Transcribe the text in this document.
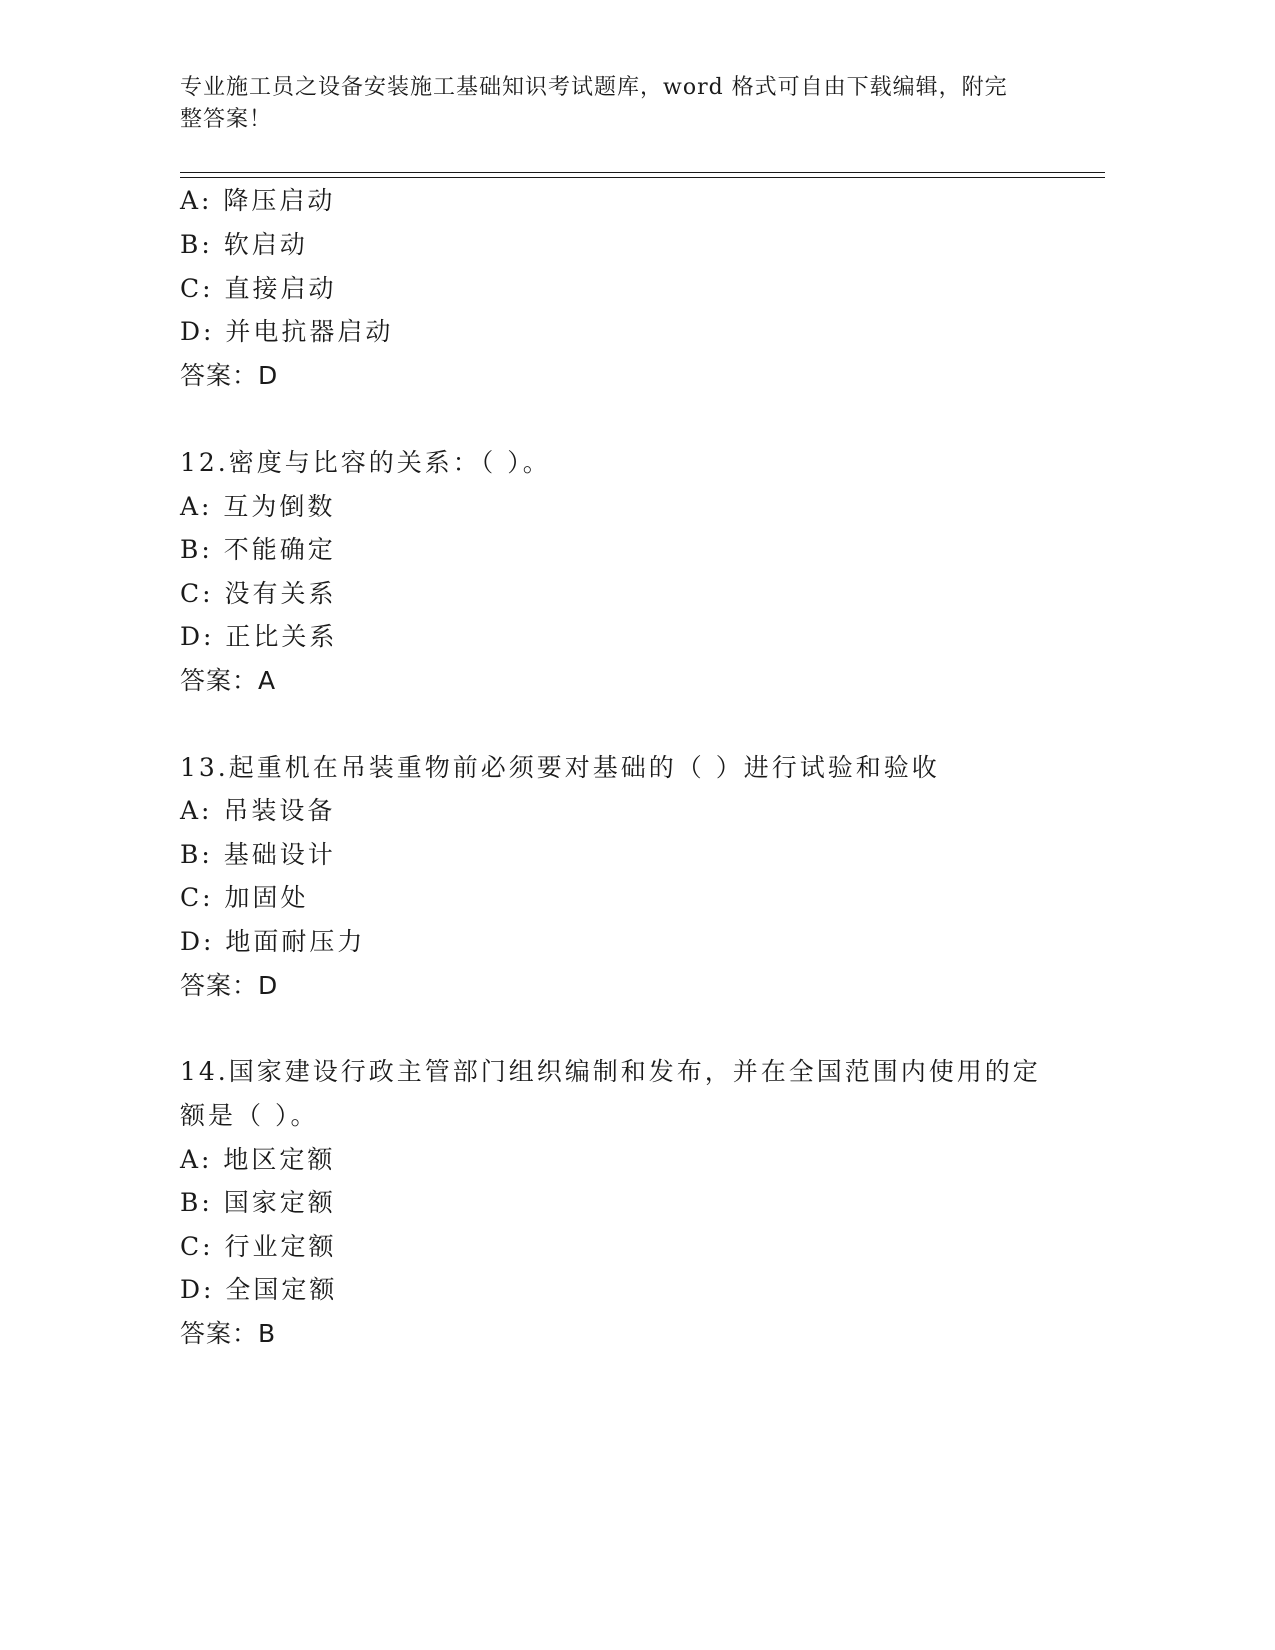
专业施工员之设备安装施工基础知识考试题库，word 格式可自由下载编辑，附完
整答案！
A: 降压启动
B: 软启动
C: 直接启动
D: 并电抗器启动
答案：D
12.密度与比容的关系：（ ）。
A: 互为倒数
B: 不能确定
C: 没有关系
D: 正比关系
答案：A
13.起重机在吊装重物前必须要对基础的（ ）进行试验和验收
A: 吊装设备
B: 基础设计
C: 加固处
D: 地面耐压力
答案：D
14.国家建设行政主管部门组织编制和发布，并在全国范围内使用的定
额是（ ）。
A: 地区定额
B: 国家定额
C: 行业定额
D: 全国定额
答案：B
